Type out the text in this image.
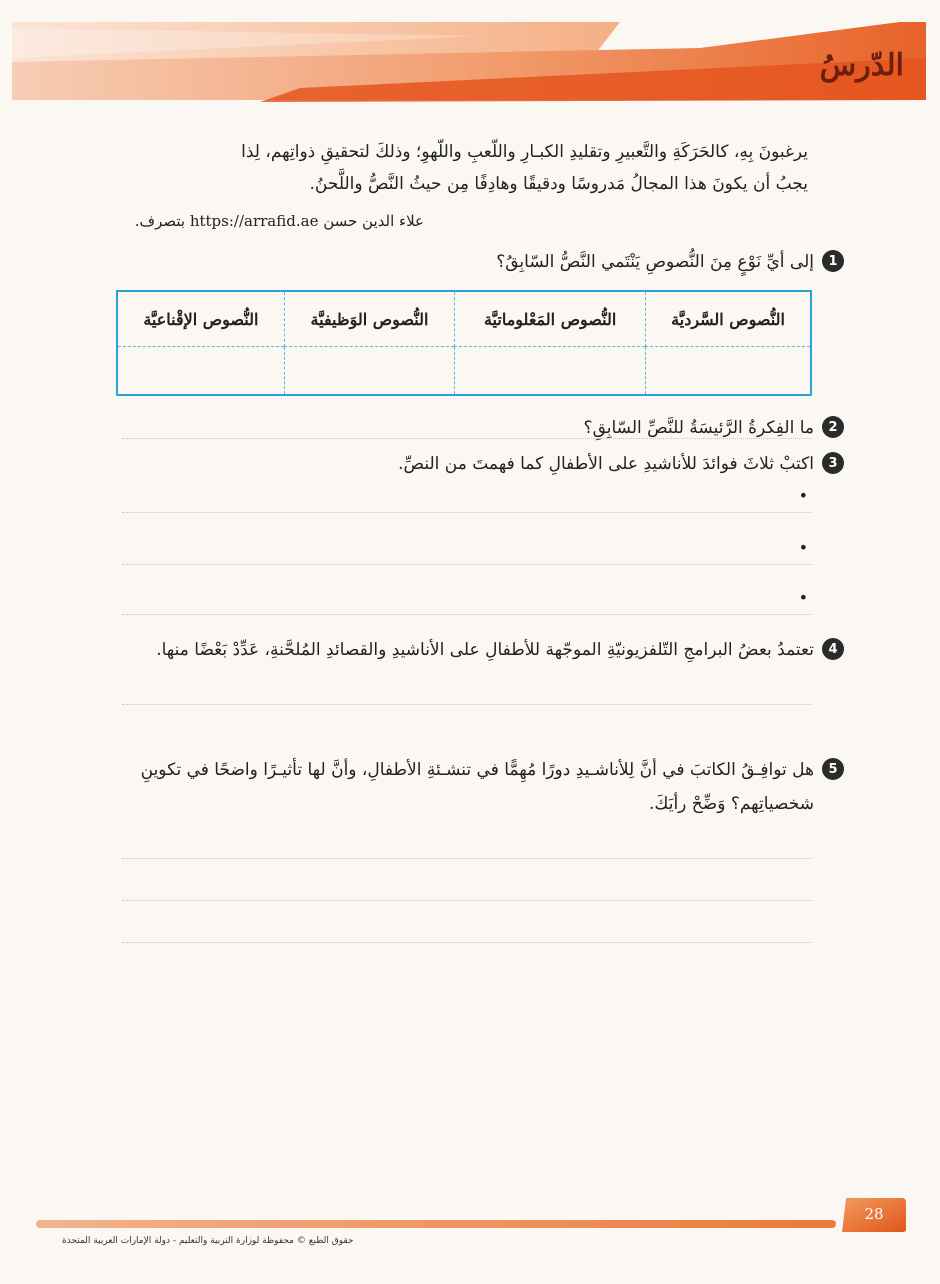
الدّرسُ
يرغبونَ بِهِ، كالحَرَكَةِ والتَّعبيرِ وتقليدِ الكبـارِ واللّعبِ واللّهوِ؛ وذلكَ لتحقيقِ ذواتِهم، لِذا
يجبُ أن يكونَ هذا المجالُ مَدروسًا ودقيقًا وهادِفًا مِن حيثُ النَّصُّ واللَّحنُ.
علاء الدين حسن https://arrafid.ae بتصرف.
1
إلى أيِّ نَوْعٍ مِنَ النُّصوصِ يَنْتَمي النَّصُّ السّابِقُ؟
النُّصوص السَّرديَّة	النُّصوص المَعْلوماتيَّة	النُّصوص الوَظيفيَّة	النُّصوص الإقْناعيَّة

2
ما الفِكرةُ الرَّئيسَةُ للنَّصِّ السّابِقِ؟
3
اكتبْ ثلاثَ فوائدَ للأناشيدِ على الأطفالِ كما فهمتَ من النصِّ.
•
•
•
4
تعتمدُ بعضُ البرامجِ التّلفزيونيّةِ الموجّهة للأطفالِ على الأناشيدِ والقصائدِ المُلحَّنةِ، عَدِّدْ بَعْضًا منها.
5
هل توافِـقُ الكاتبَ في أنَّ لِلأناشـيدِ دورًا مُهِمًّا في تنشـئةِ الأطفالِ، وأنَّ لها تأثيـرًا واضحًا في تكوينِ
شخصياتِهم؟ وَضِّحْ رأيَكَ.
28
حقوق الطبع © محفوظة لوزارة التربية والتعليم - دولة الإمارات العربية المتحدة
